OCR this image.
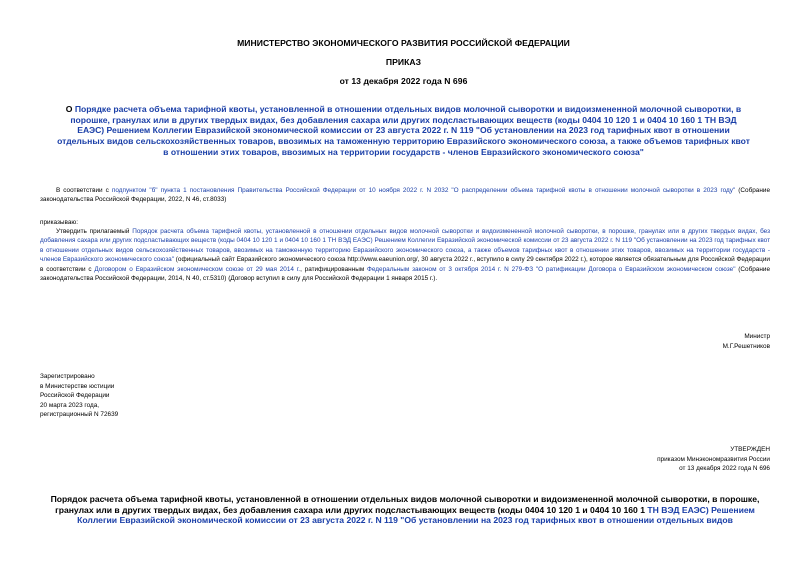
МИНИСТЕРСТВО ЭКОНОМИЧЕСКОГО РАЗВИТИЯ РОССИЙСКОЙ ФЕДЕРАЦИИ
ПРИКАЗ
от 13 декабря 2022 года N 696
О Порядке расчета объема тарифной квоты, установленной в отношении отдельных видов молочной сыворотки и видоизмененной молочной сыворотки, в порошке, гранулах или в других твердых видах, без добавления сахара или других подсластывающих веществ (коды 0404 10 120 1 и 0404 10 160 1 ТН ВЭД ЕАЭС) Решением Коллегии Евразийской экономической комиссии от 23 августа 2022 г. N 119 "Об установлении на 2023 год тарифных квот в отношении отдельных видов сельскохозяйственных товаров, ввозимых на таможенную территорию Евразийского экономического союза, а также объемов тарифных квот в отношении этих товаров, ввозимых на территории государств - членов Евразийского экономического союза"
В соответствии с подпунктом "б" пункта 1 постановления Правительства Российской Федерации от 10 ноября 2022 г. N 2032 "О распределении объема тарифной квоты в отношении молочной сыворотки в 2023 году" (Собрание законодательства Российской Федерации, 2022, N 46, ст.8033)
приказываю:
Утвердить прилагаемый Порядок расчета объема тарифной квоты, установленной в отношении отдельных видов молочной сыворотки и видоизмененной молочной сыворотки, в порошке, гранулах или в других твердых видах, без добавления сахара или других подсластывающих веществ (коды 0404 10 120 1 и 0404 10 160 1 ТН ВЭД ЕАЭС) Решением Коллегии Евразийской экономической комиссии от 23 августа 2022 г. N 119 "Об установлении на 2023 год тарифных квот в отношении отдельных видов сельскохозяйственных товаров, ввозимых на таможенную территорию Евразийского экономического союза, а также объемов тарифных квот в отношении этих товаров, ввозимых на территории государств - членов Евразийского экономического союза" (официальный сайт Евразийского экономического союза http://www.eaeunion.org/, 30 августа 2022 г., вступило в силу 29 сентября 2022 г.), которое является обязательным для Российской Федерации в соответствии с Договором о Евразийском экономическом союзе от 29 мая 2014 г., ратифицированным Федеральным законом от 3 октября 2014 г. N 279-ФЗ "О ратификации Договора о Евразийском экономическом союзе" (Собрание законодательства Российской Федерации, 2014, N 40, ст.5310) (Договор вступил в силу для Российской Федерации 1 января 2015 г.).
Министр
М.Г.Решетников
Зарегистрировано
в Министерстве юстиции
Российской Федерации
20 марта 2023 года,
регистрационный N 72639
УТВЕРЖДЕН
приказом Минэкономразвития России
от 13 декабря 2022 года N 696
Порядок расчета объема тарифной квоты, установленной в отношении отдельных видов молочной сыворотки и видоизмененной молочной сыворотки, в порошке, гранулах или в других твердых видах, без добавления сахара или других подсластывающих веществ (коды 0404 10 120 1 и 0404 10 160 1 ТН ВЭД ЕАЭС) Решением Коллегии Евразийской экономической комиссии от 23 августа 2022 г. N 119 "Об установлении на 2023 год тарифных квот в отношении отдельных видов
